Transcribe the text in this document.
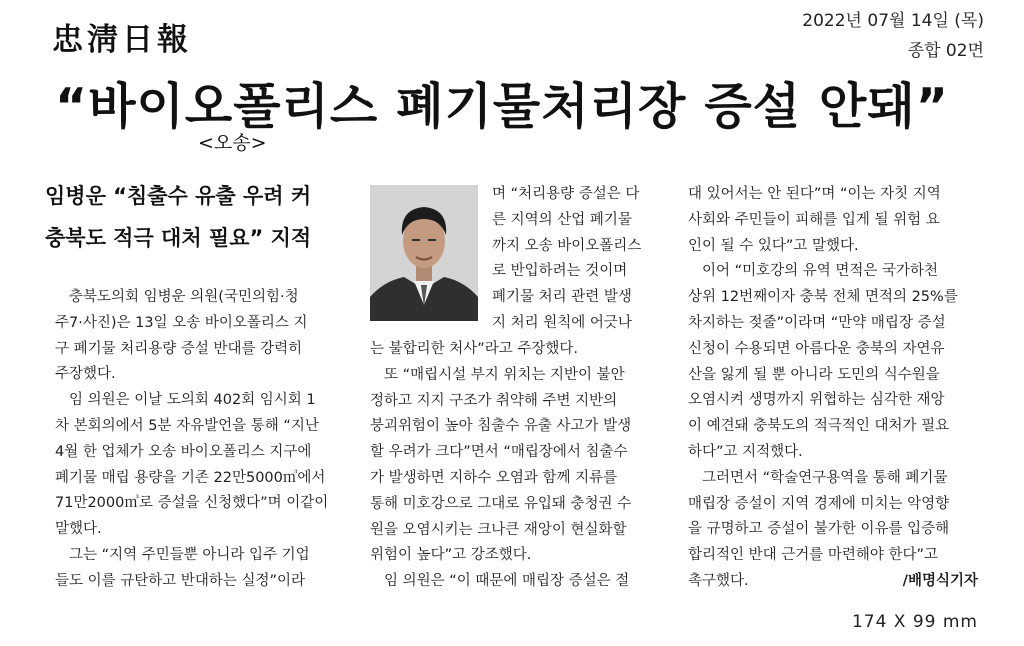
忠淸日報
2022년 07월 14일 (목)
종합 02면
“바이오폴리스 폐기물처리장 증설 안돼”
<오송>
임병운 “침출수 유출 우려 커
충북도 적극 대처 필요” 지적

충북도의회 임병운 의원(국민의힘·청

주7·사진)은 13일 오송 바이오폴리스 지

구 폐기물 처리용량 증설 반대를 강력히

주장했다.

임 의원은 이날 도의회 402회 임시회 1

차 본회의에서 5분 자유발언을 통해 “지난

4월 한 업체가 오송 바이오폴리스 지구에

폐기물 매립 용량을 기존 22만5000㎥에서

71만2000㎥로 증설을 신청했다”며 이같이

말했다.

그는 “지역 주민들뿐 아니라 입주 기업

들도 이를 규탄하고 반대하는 실정”이라

며 “처리용량 증설은 다

른 지역의 산업 폐기물

까지 오송 바이오폴리스

로 반입하려는 것이며

폐기물 처리 관련 발생

지 처리 원칙에 어긋나

는 불합리한 처사”라고 주장했다.

또 “매립시설 부지 위치는 지반이 불안

정하고 지지 구조가 취약해 주변 지반의

붕괴위험이 높아 침출수 유출 사고가 발생

할 우려가 크다”면서 “매립장에서 침출수

가 발생하면 지하수 오염과 함께 지류를

통해 미호강으로 그대로 유입돼 충청권 수

원을 오염시키는 크나큰 재앙이 현실화할

위험이 높다”고 강조했다.

임 의원은 “이 때문에 매립장 증설은 절

대 있어서는 안 된다”며 “이는 자칫 지역

사회와 주민들이 피해를 입게 될 위험 요

인이 될 수 있다”고 말했다.

이어 “미호강의 유역 면적은 국가하천

상위 12번째이자 충북 전체 면적의 25%를

차지하는 젖줄”이라며 “만약 매립장 증설

신청이 수용되면 아름다운 충북의 자연유

산을 잃게 될 뿐 아니라 도민의 식수원을

오염시켜 생명까지 위협하는 심각한 재앙

이 예견돼 충북도의 적극적인 대처가 필요

하다”고 지적했다.

그러면서 “학술연구용역을 통해 폐기물

매립장 증설이 지역 경제에 미치는 악영향

을 규명하고 증설이 불가한 이유를 입증해

합리적인 반대 근거를 마련해야 한다”고

촉구했다.	/배명식기자

174 X 99 mm
